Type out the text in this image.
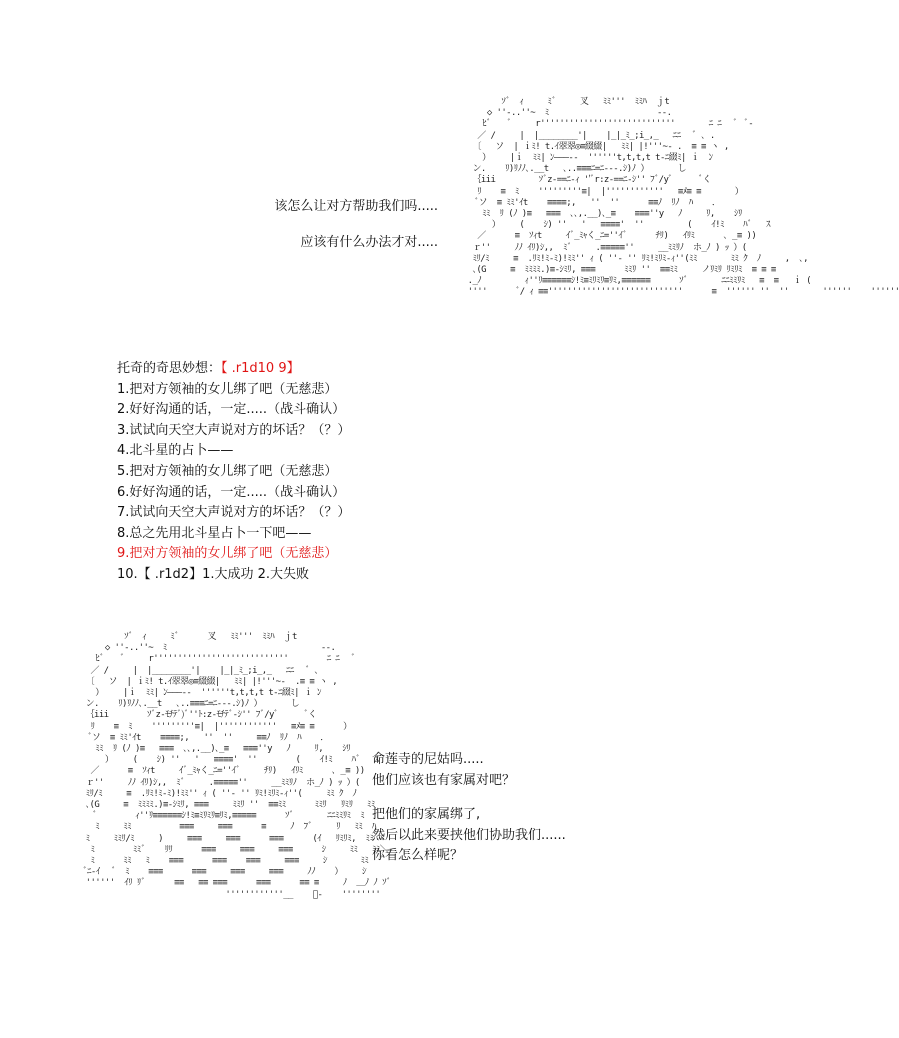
ｿﾞ  ｨ     ﾐﾞ     叉   ﾐﾐ'''  ﾐﾐﾊ  ｊt
◇ ''-..''~  ﾐ      　        　     -‐.
ﾋﾞ    ﾞ     r''''''''''''''''''''''''''''       ﾆ ﾆ   ﾞ  ﾞ‐
／ /     |  |________'|    |_|_ﾐ_;i_,_   ﾆﾆ   ﾞ ､ .
〔   ソ  | ｉﾐ! t.ｲ翠翠◎≡綴綴|   ﾐﾐ| |!'''~- .  ≡ ≡ ヽ ,
）    |ｉ  ﾐﾐ| ﾝ―――‐‐  ''''''t,t,t,t t‐ﾆ綴ﾐ| ｉ  ﾝ
ン.    ﾘ)ﾘﾉﾉ､.__t   ､..≡≡≡ﾆ=ﾆ‐--.ｼ)ﾉ ）      し
｛iii         ｿﾞz-==ﾆ-ｨ ''ﾞr:z-==ﾆ-ｼ'' ﾌﾞ/yﾞ      ﾞく
ﾘ    ≡  ﾐ    '''''''''≡|  |''''''''''''   ≡ﾒ≡ ≡       ）
ﾞソ  ≡ ﾐﾐ'ｲt    ≡≡≡≡;,   ''  ''      ≡≡ﾉ  ﾘﾉ  ﾊ    ．
ﾐﾐ  ﾘ (ﾉ )≡   ≡≡≡  ､､,.__)､_≡    ≡≡≡''y   ﾉ     ﾘ,    ｼﾘ
）    (    ｼ) ''   '   ≡≡≡≡'  ''         (    ｲ!ﾐ    ﾊﾞ   ｽ
／      ≡  ｿｨt     ｲﾞ_ﾐｬく_ﾆ=''ｲﾞ      ﾁﾘ)   ｲﾘﾐ      ､ _≡ ))
ｒ''     ﾉﾉ ｲﾘ)ｼ,,  ﾐﾞ     .≡≡≡≡≡''     __ﾐﾐﾘﾉ  ホ_ﾉ ) ｯ ）(
ﾐﾘ/ﾐ     ≡  .ﾘﾐ!ﾐ‐ﾐ)!ﾐﾐ'' ｨ ( ''‐ '' ﾘﾐ!ﾐﾘﾐ‐ｨ''(ﾐﾐ       ﾐﾐ ｸ  ﾉ     ,  ､,
､(G     ≡  ﾐﾐﾐﾐ.)≡-ｼﾐﾘ, ≡≡≡      ﾐﾐﾘ ''  ≡≡ﾐﾐ     ノﾘﾐﾘ ﾘﾐﾘﾐ  ≡ ≡ ≡
._ﾉ         ｨ''ﾘ≡≡≡≡≡≡ｼ!ﾐ≡ﾐﾘﾐﾘ≡ﾘﾐ,≡≡≡≡≡≡      ｿﾞ       ﾆﾆﾐﾐﾘﾐ   ≡  ≡   ｉ (
''''      ﾞ/ ｨ ≡≡''''''''''''''''''''''''''''      ≡  '''''' ''  ''       ''''''    ''''''
该怎么让对方帮助我们吗.....
应该有什么办法才对.....
托奇的奇思妙想：【 .r1d10 9】
1.把对方领袖的女儿绑了吧（无慈悲）
2.好好沟通的话，一定.....（战斗确认）
3.试试向天空大声说对方的坏话？（？）
4.北斗星的占卜——
5.把对方领袖的女儿绑了吧（无慈悲）
6.好好沟通的话，一定.....（战斗确认）
7.试试向天空大声说对方的坏话？（？）
8.总之先用北斗星占卜一下吧——
9.把对方领袖的女儿绑了吧（无慈悲）
10.【 .r1d2】1.大成功 2.大失败
ｿﾞ  ｨ     ﾐﾞ      叉   ﾐﾐ'''  ﾐﾐﾊ  ｊt
◇ ''-..''~  ﾐ                                -‐.
ﾋﾞ    ﾞ     r''''''''''''''''''''''''''''        ﾆ ﾆ   ﾞ
／ /     |  |________'|    |_|_ﾐ_;i_,_   ﾆﾆ   ﾞ ､
〔   ソ  | ｉﾐ! t.ｲ翠翠◎≡綴綴|   ﾐﾐ| |!'''~-  .≡ ≡ ヽ ,
）    |ｉ  ﾐﾐ| ﾝ―――‐‐  ''''''t,t,t,t t‐ﾆ綴ﾐ| ｉ ﾝ
ン.    ﾘ)ﾘﾉﾉ､.__t   ､..≡≡≡ﾆ=ﾆ‐--.ｼ)ﾉ ）      し
｛iii        ｿﾞz-ﾓﾁﾃﾞ)ﾞ''ﾄ:z-ﾓﾁﾃﾞ-ｼ'' ﾌﾞ/yﾞ      ﾞく
ﾘ    ≡  ﾐ    '''''''''≡|  |''''''''''''   ≡ﾒ≡ ≡      ）
ﾞソ  ≡ ﾐﾐ'ｲt    ≡≡≡≡;,   ''  ''     ≡≡ﾉ  ﾘﾉ  ﾊ    ．
ﾐﾐ  ﾘ (ﾉ )≡   ≡≡≡  ､､,.__)､_≡   ≡≡≡''y   ﾉ     ﾘ,    ｼﾘ
）    (    ｼ) ''   '   ≡≡≡≡'  ''        (    ｲ!ﾐ    ﾊﾞ   ｽ
／      ≡  ｿｨt     ｲﾞ_ﾐｬく_ﾆ=''ｲﾞ     ﾁﾘ)   ｲﾘﾐ      ､ _≡ ))
ｒ''     ﾉﾉ ｲﾘ)ｼ,,  ﾐﾞ     .≡≡≡≡≡''     __ﾐﾐﾘﾉ  ホ_ﾉ ) ｯ ）(
ﾐﾘ/ﾐ     ≡  .ﾘﾐ!ﾐ‐ﾐ)!ﾐﾐ'' ｨ ( ''‐ '' ﾘﾐ!ﾐﾘﾐ‐ｨ''(     ﾐﾐ ｸ  ﾉ
､(G     ≡  ﾐﾐﾐﾐ.)≡-ｼﾐﾘ, ≡≡≡     ﾐﾐﾘ ''  ≡≡ﾐﾐ      ﾐﾐﾘ   ﾘﾐﾘ   ﾐﾐ
ﾞ        ｨ''ﾘ≡≡≡≡≡≡ｼ!ﾐ≡ﾐﾘﾐﾘ≡ﾘﾐ,≡≡≡≡≡      ｿﾞ       ﾆﾆﾐﾐﾘﾐ  ﾐ
ﾐ     ﾐﾐ          ≡≡≡     ≡≡≡      ≡     ﾉ  ﾌﾞ     ﾘ   ﾐﾐ  ﾊ
ﾐ     ﾐﾐﾘ/ﾐ     )     ≡≡≡     ≡≡≡      ≡≡≡      (ｲ   ﾘﾐﾘﾐ,  ﾐﾐ ﾊﾞ
ﾐ        ﾐﾐﾞ    ﾘﾘ      ≡≡≡     ≡≡≡     ≡≡≡      ｼ     ﾐﾐ   ﾐﾐ＼
ﾐ      ﾐﾐ   ﾐ    ≡≡≡      ≡≡≡    ≡≡≡     ≡≡≡     ｼ       ﾐﾐ   ﾞ
ﾞﾆ-ｲ   ﾞ  ﾐ    ≡≡≡      ≡≡≡     ≡≡≡     ≡≡≡     ﾉﾉ    ）    ｼ
''''''  ｲﾘ ﾘﾞ      ≡≡   ≡≡ ≡≡≡      ≡≡≡      ≡≡ ≡     ﾉ  ＿ﾉ ﾉ ｿﾞ
''''''''''''__    ﾞ‐    ''''''''
命莲寺的尼姑吗.....
他们应该也有家属对吧？
把他们的家属绑了,
然后以此来要挟他们协助我们......
你看怎么样呢？
